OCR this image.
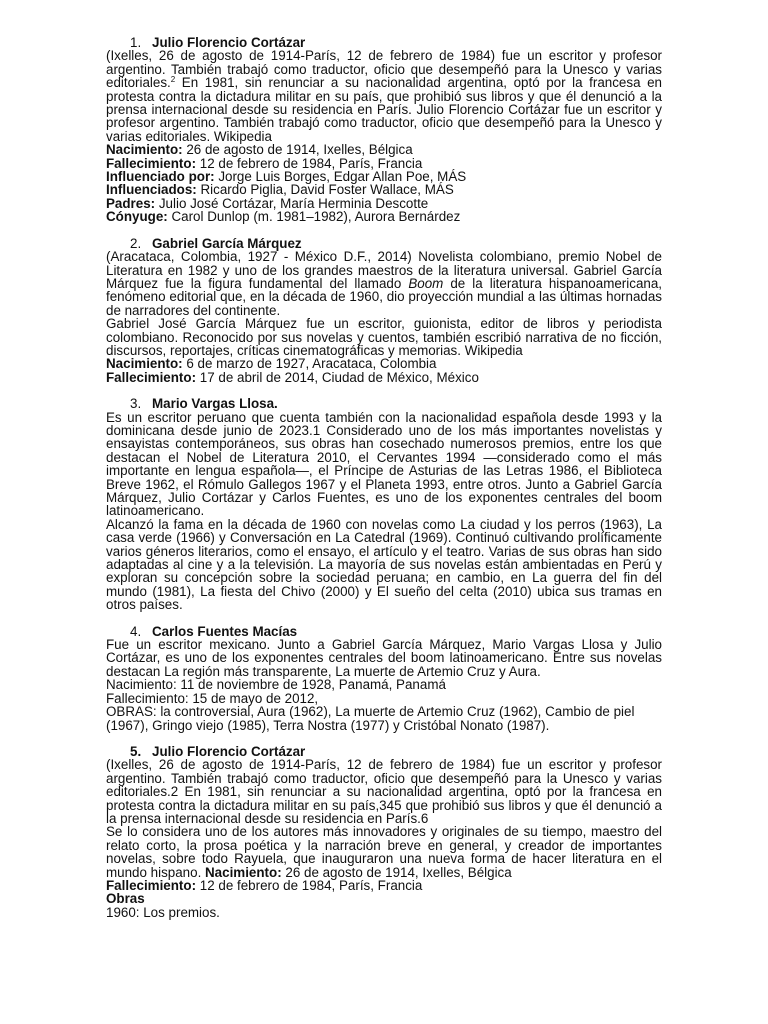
1. Julio Florencio Cortázar

(Ixelles, 26 de agosto de 1914-París, 12 de febrero de 1984) fue un escritor y profesor argentino. También trabajó como traductor, oficio que desempeñó para la Unesco y varias editoriales.$^2$ En 1981, sin renunciar a su nacionalidad argentina, optó por la francesa en protesta contra la dictadura militar en su país, que prohibió sus libros y que él denunció a la prensa internacional desde su residencia en París. Julio Florencio Cortázar fue un escritor y profesor argentino. También trabajó como traductor, oficio que desempeñó para la Unesco y varias editoriales. Wikipedia

Nacimiento: 26 de agosto de 1914, Ixelles, Bélgica

Fallecimiento: 12 de febrero de 1984, París, Francia

Influenciado por: Jorge Luis Borges, Edgar Allan Poe, MÁS

Influenciados: Ricardo Piglia, David Foster Wallace, MÁS

Padres: Julio José Cortázar, María Herminia Descotte

Cónyuge: Carol Dunlop (m. 1981–1982), Aurora Bernárdez

2. Gabriel García Márquez

(Aracataca, Colombia, 1927 - México D.F., 2014) Novelista colombiano, premio Nobel de Literatura en 1982 y uno de los grandes maestros de la literatura universal. Gabriel García Márquez fue la figura fundamental del llamado Boom de la literatura hispanoamericana, fenómeno editorial que, en la década de 1960, dio proyección mundial a las últimas hornadas de narradores del continente.

Gabriel José García Márquez fue un escritor, guionista, editor de libros y periodista colombiano. Reconocido por sus novelas y cuentos, también escribió narrativa de no ficción, discursos, reportajes, críticas cinematográficas y memorias. Wikipedia

Nacimiento: 6 de marzo de 1927, Aracataca, Colombia

Fallecimiento: 17 de abril de 2014, Ciudad de México, México

3. Mario Vargas Llosa.

Es un escritor peruano que cuenta también con la nacionalidad española desde 1993 y la dominicana desde junio de 2023.1 Considerado uno de los más importantes novelistas y ensayistas contemporáneos, sus obras han cosechado numerosos premios, entre los que destacan el Nobel de Literatura 2010, el Cervantes 1994 —considerado como el más importante en lengua española—, el Príncipe de Asturias de las Letras 1986, el Biblioteca Breve 1962, el Rómulo Gallegos 1967 y el Planeta 1993, entre otros. Junto a Gabriel García Márquez, Julio Cortázar y Carlos Fuentes, es uno de los exponentes centrales del boom latinoamericano.

Alcanzó la fama en la década de 1960 con novelas como La ciudad y los perros (1963), La casa verde (1966) y Conversación en La Catedral (1969). Continuó cultivando prolíficamente varios géneros literarios, como el ensayo, el artículo y el teatro. Varias de sus obras han sido adaptadas al cine y a la televisión. La mayoría de sus novelas están ambientadas en Perú y exploran su concepción sobre la sociedad peruana; en cambio, en La guerra del fin del mundo (1981), La fiesta del Chivo (2000) y El sueño del celta (2010) ubica sus tramas en otros países.

4. Carlos Fuentes Macías

Fue un escritor mexicano. Junto a Gabriel García Márquez, Mario Vargas Llosa y Julio Cortázar, es uno de los exponentes centrales del boom latinoamericano. Entre sus novelas destacan La región más transparente, La muerte de Artemio Cruz y Aura.

Nacimiento: 11 de noviembre de 1928, Panamá, Panamá

Fallecimiento: 15 de mayo de 2012,

OBRAS: la controversial, Aura (1962), La muerte de Artemio Cruz (1962), Cambio de piel (1967), Gringo viejo (1985), Terra Nostra (1977) y Cristóbal Nonato (1987).

5. Julio Florencio Cortázar

(Ixelles, 26 de agosto de 1914-París, 12 de febrero de 1984) fue un escritor y profesor argentino. También trabajó como traductor, oficio que desempeñó para la Unesco y varias editoriales.2 En 1981, sin renunciar a su nacionalidad argentina, optó por la francesa en protesta contra la dictadura militar en su país,345 que prohibió sus libros y que él denunció a la prensa internacional desde su residencia en París.6

Se lo considera uno de los autores más innovadores y originales de su tiempo, maestro del relato corto, la prosa poética y la narración breve en general, y creador de importantes novelas, sobre todo Rayuela, que inauguraron una nueva forma de hacer literatura en el mundo hispano. Nacimiento: 26 de agosto de 1914, Ixelles, Bélgica

Fallecimiento: 12 de febrero de 1984, París, Francia

Obras

1960: Los premios.
